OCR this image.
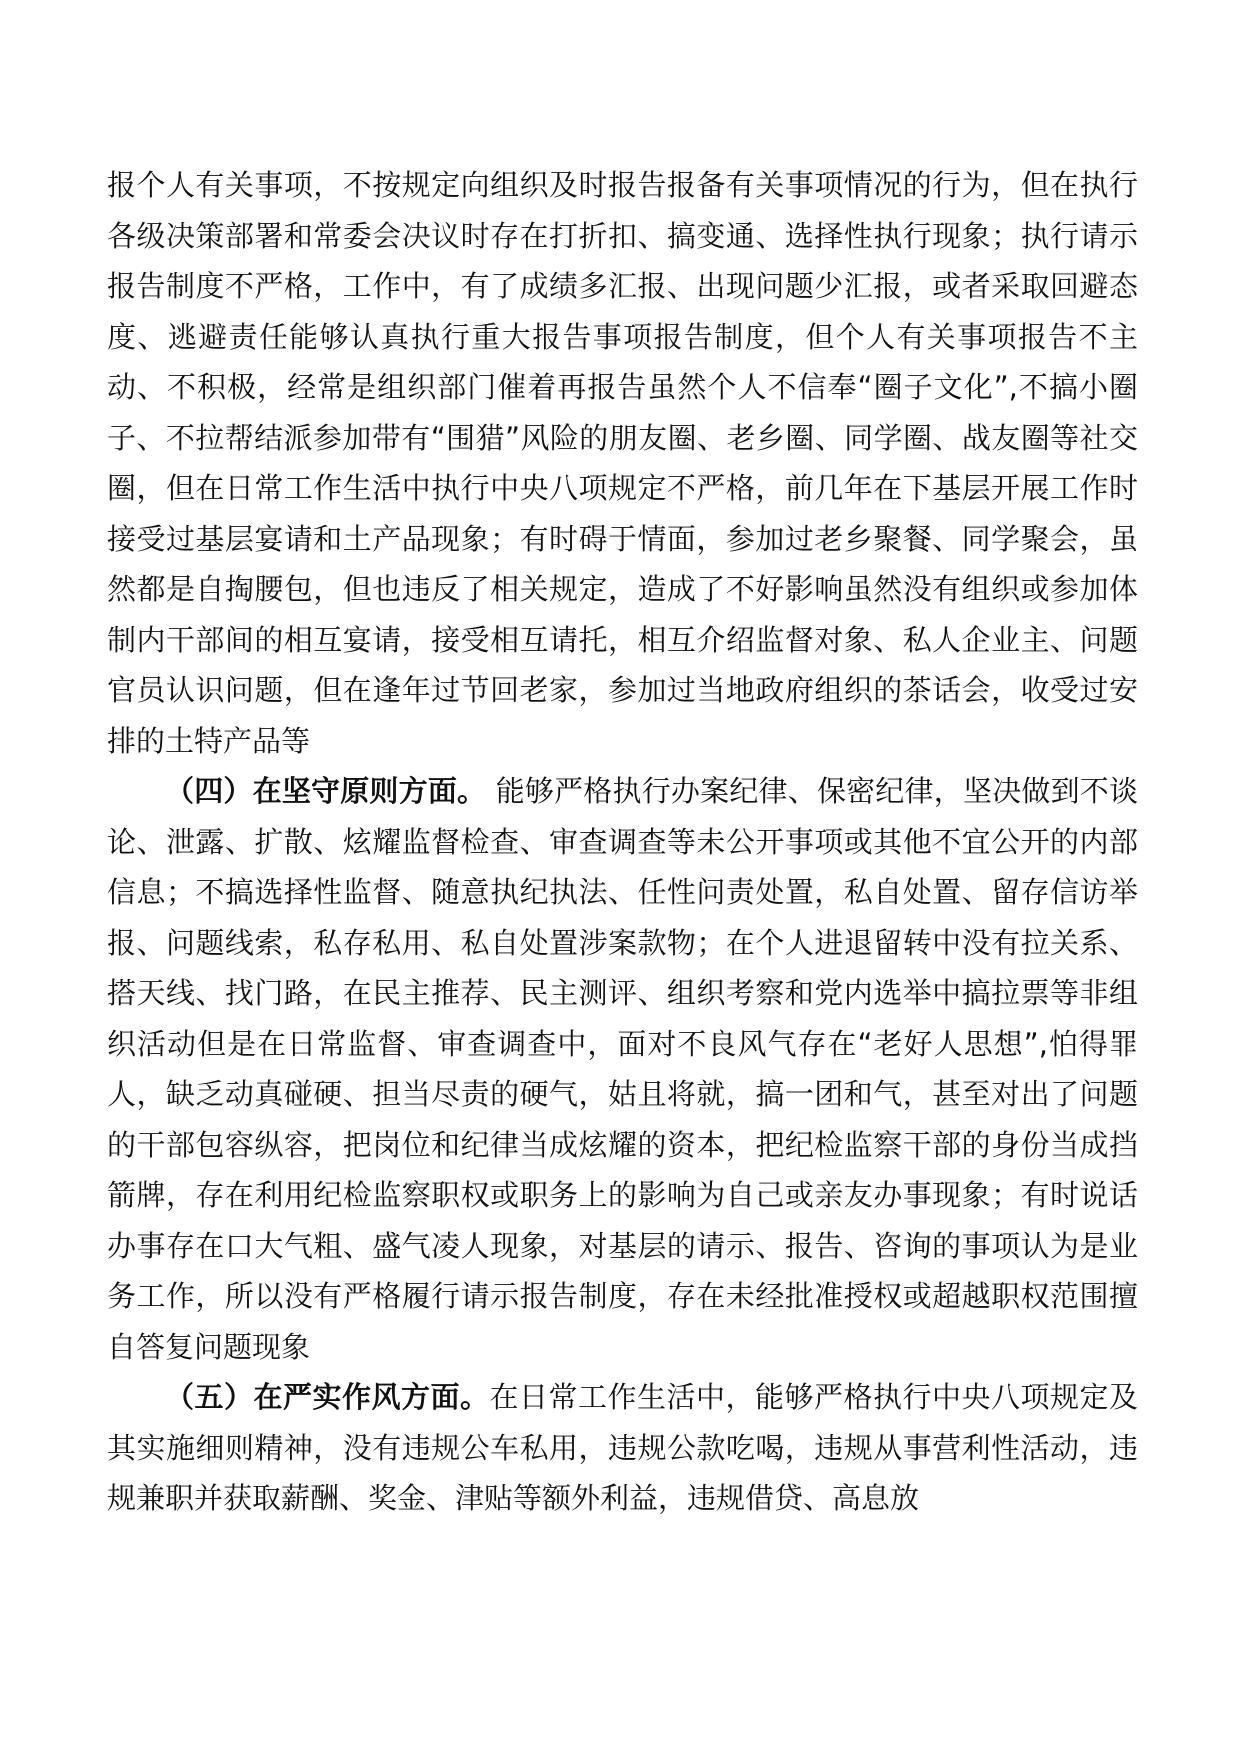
报个人有关事项，不按规定向组织及时报告报备有关事项情况的行为，但在执行各级决策部署和常委会决议时存在打折扣、搞变通、选择性执行现象；执行请示报告制度不严格，工作中，有了成绩多汇报、出现问题少汇报，或者采取回避态度、逃避责任能够认真执行重大报告事项报告制度，但个人有关事项报告不主动、不积极，经常是组织部门催着再报告虽然个人不信奉“圈子文化”,不搞小圈子、不拉帮结派参加带有“围猎”风险的朋友圈、老乡圈、同学圈、战友圈等社交圈，但在日常工作生活中执行中央八项规定不严格，前几年在下基层开展工作时接受过基层宴请和土产品现象；有时碍于情面，参加过老乡聚餐、同学聚会，虽然都是自掏腰包，但也违反了相关规定，造成了不好影响虽然没有组织或参加体制内干部间的相互宴请，接受相互请托，相互介绍监督对象、私人企业主、问题官员认识问题，但在逢年过节回老家，参加过当地政府组织的茶话会，收受过安排的土特产品等

（四）在坚守原则方面。 能够严格执行办案纪律、保密纪律，坚决做到不谈论、泄露、扩散、炫耀监督检查、审查调查等未公开事项或其他不宜公开的内部信息；不搞选择性监督、随意执纪执法、任性问责处置，私自处置、留存信访举报、问题线索，私存私用、私自处置涉案款物；在个人进退留转中没有拉关系、搭天线、找门路，在民主推荐、民主测评、组织考察和党内选举中搞拉票等非组织活动但是在日常监督、审查调查中，面对不良风气存在“老好人思想”,怕得罪人，缺乏动真碰硬、担当尽责的硬气，姑且将就，搞一团和气，甚至对出了问题的干部包容纵容，把岗位和纪律当成炫耀的资本，把纪检监察干部的身份当成挡箭牌，存在利用纪检监察职权或职务上的影响为自己或亲友办事现象；有时说话办事存在口大气粗、盛气凌人现象，对基层的请示、报告、咨询的事项认为是业务工作，所以没有严格履行请示报告制度，存在未经批准授权或超越职权范围擅自答复问题现象

（五）在严实作风方面。在日常工作生活中，能够严格执行中央八项规定及其实施细则精神，没有违规公车私用，违规公款吃喝，违规从事营利性活动，违规兼职并获取薪酬、奖金、津贴等额外利益，违规借贷、高息放
